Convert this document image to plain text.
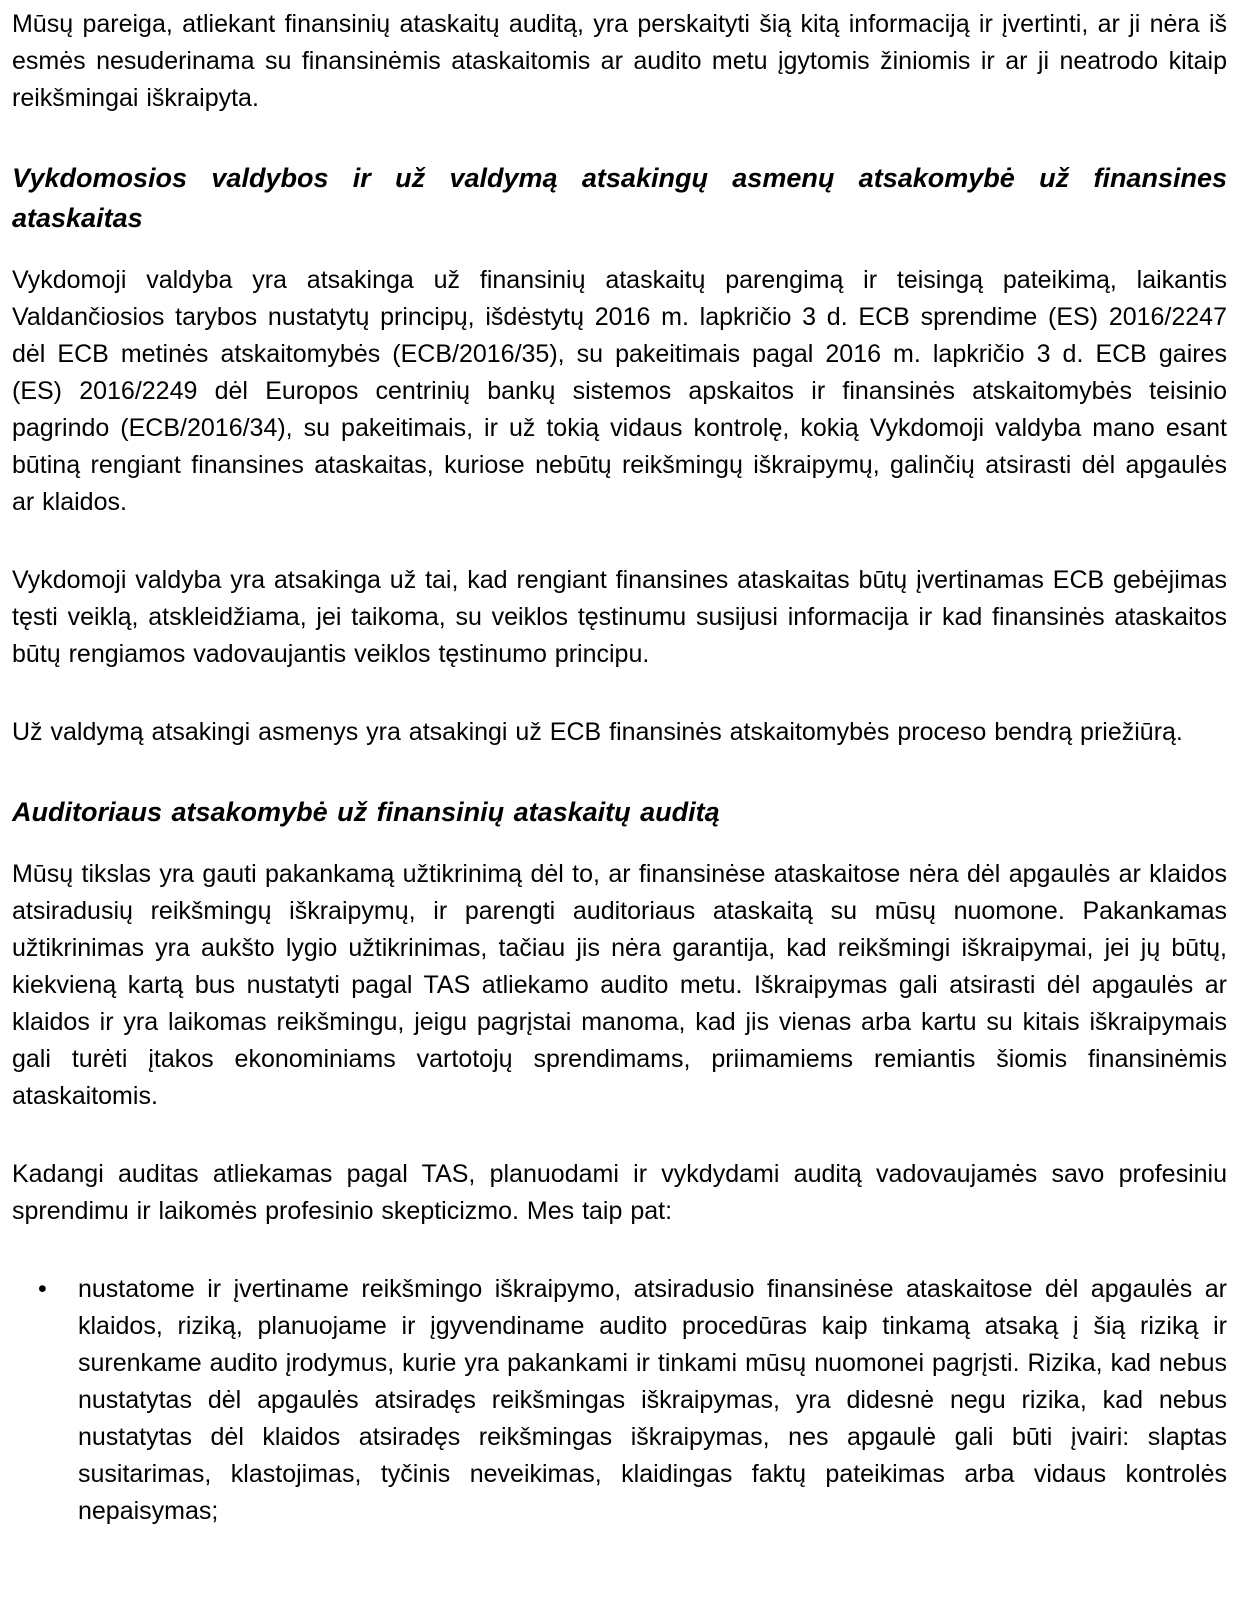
Mūsų pareiga, atliekant finansinių ataskaitų auditą, yra perskaityti šią kitą informaciją ir įvertinti, ar ji nėra iš esmės nesuderinama su finansinėmis ataskaitomis ar audito metu įgytomis žiniomis ir ar ji neatrodo kitaip reikšmingai iškraipyta.

Vykdomosios valdybos ir už valdymą atsakingų asmenų atsakomybė už finansines ataskaitas

Vykdomoji valdyba yra atsakinga už finansinių ataskaitų parengimą ir teisingą pateikimą, laikantis Valdančiosios tarybos nustatytų principų, išdėstytų 2016 m. lapkričio 3 d. ECB sprendime (ES) 2016/2247 dėl ECB metinės atskaitomybės (ECB/2016/35), su pakeitimais pagal 2016 m. lapkričio 3 d. ECB gaires (ES) 2016/2249 dėl Europos centrinių bankų sistemos apskaitos ir finansinės atskaitomybės teisinio pagrindo (ECB/2016/34), su pakeitimais, ir už tokią vidaus kontrolę, kokią Vykdomoji valdyba mano esant būtiną rengiant finansines ataskaitas, kuriose nebūtų reikšmingų iškraipymų, galinčių atsirasti dėl apgaulės ar klaidos.

Vykdomoji valdyba yra atsakinga už tai, kad rengiant finansines ataskaitas būtų įvertinamas ECB gebėjimas tęsti veiklą, atskleidžiama, jei taikoma, su veiklos tęstinumu susijusi informacija ir kad finansinės ataskaitos būtų rengiamos vadovaujantis veiklos tęstinumo principu.

Už valdymą atsakingi asmenys yra atsakingi už ECB finansinės atskaitomybės proceso bendrą priežiūrą.

Auditoriaus atsakomybė už finansinių ataskaitų auditą

Mūsų tikslas yra gauti pakankamą užtikrinimą dėl to, ar finansinėse ataskaitose nėra dėl apgaulės ar klaidos atsiradusių reikšmingų iškraipymų, ir parengti auditoriaus ataskaitą su mūsų nuomone. Pakankamas užtikrinimas yra aukšto lygio užtikrinimas, tačiau jis nėra garantija, kad reikšmingi iškraipymai, jei jų būtų, kiekvieną kartą bus nustatyti pagal TAS atliekamo audito metu. Iškraipymas gali atsirasti dėl apgaulės ar klaidos ir yra laikomas reikšmingu, jeigu pagrįstai manoma, kad jis vienas arba kartu su kitais iškraipymais gali turėti įtakos ekonominiams vartotojų sprendimams, priimamiems remiantis šiomis finansinėmis ataskaitomis.

Kadangi auditas atliekamas pagal TAS, planuodami ir vykdydami auditą vadovaujamės savo profesiniu sprendimu ir laikomės profesinio skepticizmo. Mes taip pat:

•	nustatome ir įvertiname reikšmingo iškraipymo, atsiradusio finansinėse ataskaitose dėl apgaulės ar klaidos, riziką, planuojame ir įgyvendiname audito procedūras kaip tinkamą atsaką į šią riziką ir surenkame audito įrodymus, kurie yra pakankami ir tinkami mūsų nuomonei pagrįsti. Rizika, kad nebus nustatytas dėl apgaulės atsiradęs reikšmingas iškraipymas, yra didesnė negu rizika, kad nebus nustatytas dėl klaidos atsiradęs reikšmingas iškraipymas, nes apgaulė gali būti įvairi: slaptas susitarimas, klastojimas, tyčinis neveikimas, klaidingas faktų pateikimas arba vidaus kontrolės nepaisymas;
